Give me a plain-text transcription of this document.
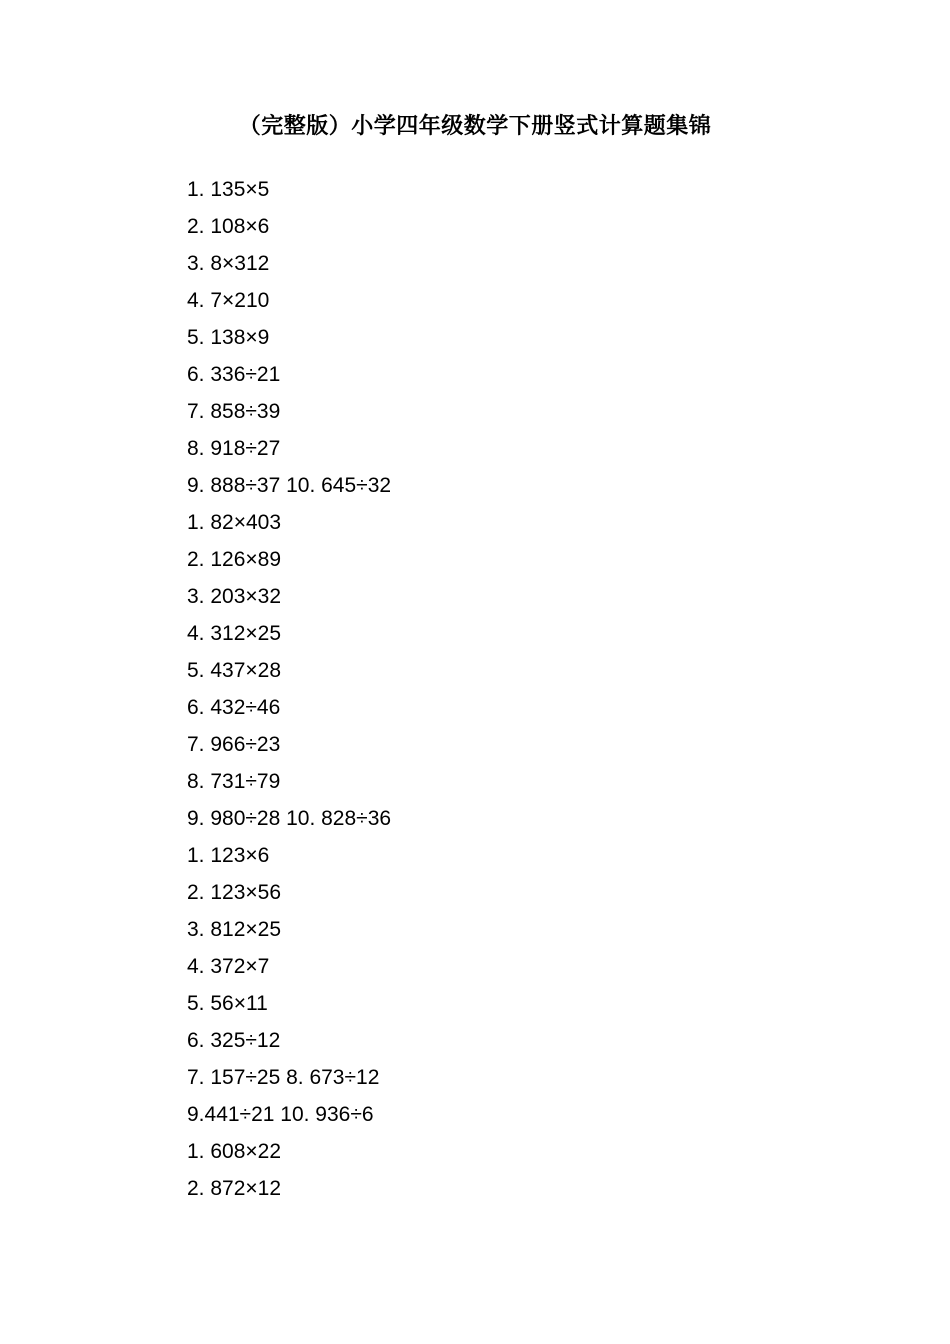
（完整版）小学四年级数学下册竖式计算题集锦
1. 135×5
2. 108×6
3. 8×312
4. 7×210
5. 138×9
6. 336÷21
7. 858÷39
8. 918÷27
9. 888÷37 10. 645÷32
1. 82×403
2. 126×89
3. 203×32
4. 312×25
5. 437×28
6. 432÷46
7. 966÷23
8. 731÷79
9. 980÷28 10. 828÷36
1. 123×6
2. 123×56
3. 812×25
4. 372×7
5. 56×11
6. 325÷12
7. 157÷25 8. 673÷12
9.441÷21 10. 936÷6
1. 608×22
2. 872×12
